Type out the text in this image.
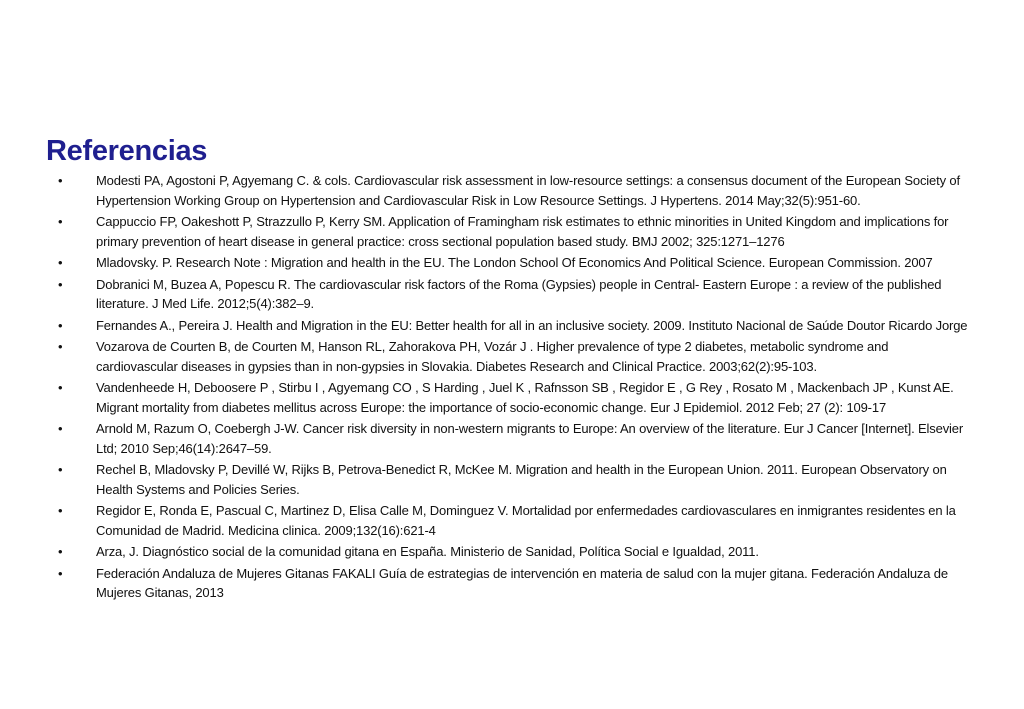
Referencias
•	Modesti PA, Agostoni P, Agyemang C. & cols. Cardiovascular risk assessment in low-resource settings: a consensus document of the European Society of Hypertension Working Group on Hypertension and Cardiovascular Risk in Low Resource Settings. J Hypertens. 2014 May;32(5):951-60.
•	Cappuccio FP, Oakeshott P, Strazzullo P, Kerry SM. Application of Framingham risk estimates to ethnic minorities in United Kingdom and implications for primary prevention of heart disease in general practice: cross sectional population based study. BMJ 2002; 325:1271–1276
•	Mladovsky. P. Research Note : Migration and health in the EU. The London School Of Economics And Political Science. European Commission. 2007
•	Dobranici M, Buzea A, Popescu R. The cardiovascular risk factors of the Roma (Gypsies) people in Central- Eastern Europe : a review of the published literature. J Med Life. 2012;5(4):382–9.
•	Fernandes A., Pereira J. Health and Migration in the EU: Better health for all in an inclusive society. 2009. Instituto Nacional de Saúde Doutor Ricardo Jorge
•	Vozarova de Courten B, de Courten M, Hanson RL, Zahorakova PH, Vozár J . Higher prevalence of type 2 diabetes, metabolic syndrome and cardiovascular diseases in gypsies than in non-gypsies in Slovakia. Diabetes Research and Clinical Practice. 2003;62(2):95-103.
•	Vandenheede H, Deboosere P , Stirbu I , Agyemang CO , S Harding , Juel K , Rafnsson SB , Regidor E , G Rey , Rosato M , Mackenbach JP , Kunst AE. Migrant mortality from diabetes mellitus across Europe: the importance of socio-economic change. Eur J Epidemiol. 2012 Feb; 27 (2): 109-17
•	Arnold M, Razum O, Coebergh J-W. Cancer risk diversity in non-western migrants to Europe: An overview of the literature. Eur J Cancer [Internet]. Elsevier Ltd; 2010 Sep;46(14):2647–59.
•	Rechel B, Mladovsky P, Devillé W, Rijks B, Petrova-Benedict R, McKee M. Migration and health in the European Union. 2011. European Observatory on Health Systems and Policies Series.
•	Regidor E, Ronda E, Pascual C, Martinez D, Elisa Calle M, Dominguez V. Mortalidad por enfermedades cardiovasculares en inmigrantes residentes en la Comunidad de Madrid. Medicina clinica. 2009;132(16):621-4
•	Arza, J. Diagnóstico social de la comunidad gitana en España. Ministerio de Sanidad, Política Social e Igualdad, 2011.
•	Federación Andaluza de Mujeres Gitanas FAKALI Guía de estrategias de intervención en materia de salud con la mujer gitana. Federación Andaluza de Mujeres Gitanas, 2013
